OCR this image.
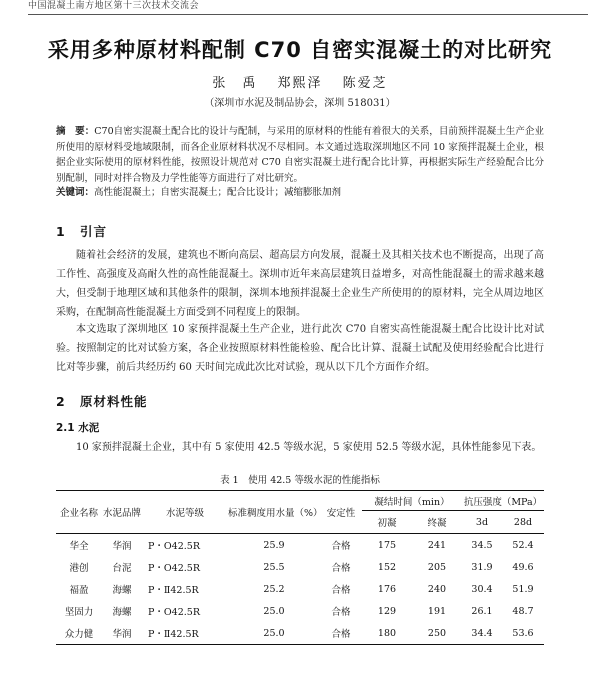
中国混凝土南方地区第十三次技术交流会
采用多种原材料配制 C70 自密实混凝土的对比研究
张　禹 郑熙泽 陈爱芝
（深圳市水泥及制品协会，深圳 518031）
摘　要：C70自密实混凝土配合比的设计与配制，与采用的原材料的性能有着很大的关系，目前预拌混凝土生产企业所使用的原材料受地域限制，而各企业原材料状况不尽相同。本文通过选取深圳地区不同 10 家预拌混凝土企业，根据企业实际使用的原材料性能，按照设计规范对 C70 自密实混凝土进行配合比计算，再根据实际生产经验配合比分别配制，同时对拌合物及力学性能等方面进行了对比研究。
关键词：高性能混凝土；自密实混凝土；配合比设计；减缩膨胀加剂
1 引言
随着社会经济的发展，建筑也不断向高层、超高层方向发展，混凝土及其相关技术也不断提高，出现了高工作性、高强度及高耐久性的高性能混凝土。深圳市近年来高层建筑日益增多，对高性能混凝土的需求越来越大，但受制于地理区域和其他条件的限制，深圳本地预拌混凝土企业生产所使用的的原材料，完全从周边地区采购，在配制高性能混凝土方面受到不同程度上的限制。
本文选取了深圳地区 10 家预拌混凝土生产企业，进行此次 C70 自密实高性能混凝土配合比设计比对试验。按照制定的比对试验方案，各企业按照原材料性能检验、配合比计算、混凝土试配及使用经验配合比进行比对等步骤，前后共经历约 60 天时间完成此次比对试验，现从以下几个方面作介绍。
2 原材料性能
2.1 水泥
10 家预拌混凝土企业，其中有 5 家使用 42.5 等级水泥，5 家使用 52.5 等级水泥，具体性能参见下表。
表 1　使用 42.5 等级水泥的性能指标
企业名称	水泥品牌	水泥等级	标准稠度用水量（%）	安定性	凝结时间（min）		抗压强度（MPa）	
					初凝	终凝	3d	28d
华全	华润	P・O42.5R	25.9	合格	175	241	34.5	52.4
港创	台泥	P・O42.5R	25.5	合格	152	205	31.9	49.6
福盈	海螺	P・Ⅱ42.5R	25.2	合格	176	240	30.4	51.9
坚固力	海螺	P・O42.5R	25.0	合格	129	191	26.1	48.7
众力健	华润	P・Ⅱ42.5R	25.0	合格	180	250	34.4	53.6
